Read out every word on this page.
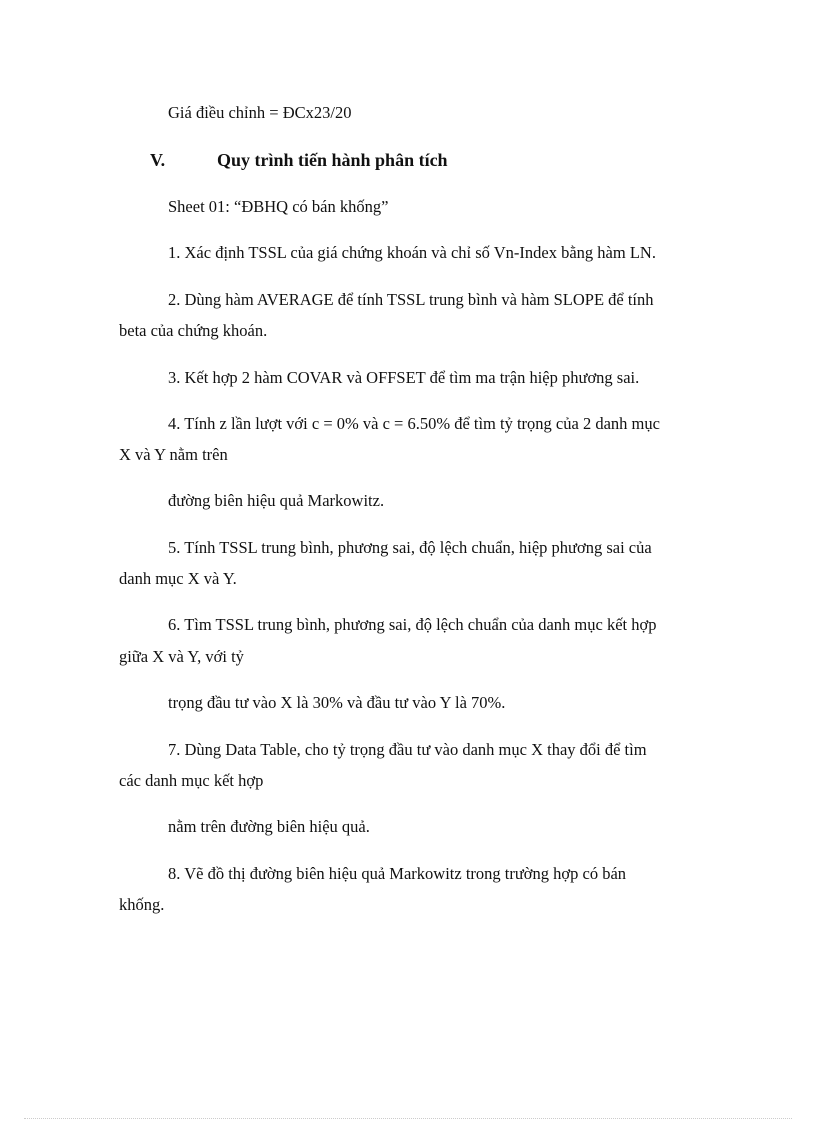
Giá điều chỉnh = ĐCx23/20

V.	Quy trình tiến hành phân tích

Sheet 01: “ĐBHQ có bán khống”

1. Xác định TSSL của giá chứng khoán và chỉ số Vn-Index bằng hàm LN.

2. Dùng hàm AVERAGE để tính TSSL trung bình và hàm SLOPE để tính

beta của chứng khoán.

3. Kết hợp 2 hàm COVAR và OFFSET để tìm ma trận hiệp phương sai.

4. Tính z lần lượt với c = 0% và c = 6.50% để tìm tỷ trọng của 2 danh mục

X và Y nằm trên

đường biên hiệu quả Markowitz.

5. Tính TSSL trung bình, phương sai, độ lệch chuẩn, hiệp phương sai của

danh mục X và Y.

6. Tìm TSSL trung bình, phương sai, độ lệch chuẩn của danh mục kết hợp

giữa X và Y, với tỷ

trọng đầu tư vào X là 30% và đầu tư vào Y là 70%.

7. Dùng Data Table, cho tỷ trọng đầu tư vào danh mục X thay đổi để tìm

các danh mục kết hợp

nằm trên đường biên hiệu quả.

8. Vẽ đồ thị đường biên hiệu quả Markowitz trong trường hợp có bán

khống.
